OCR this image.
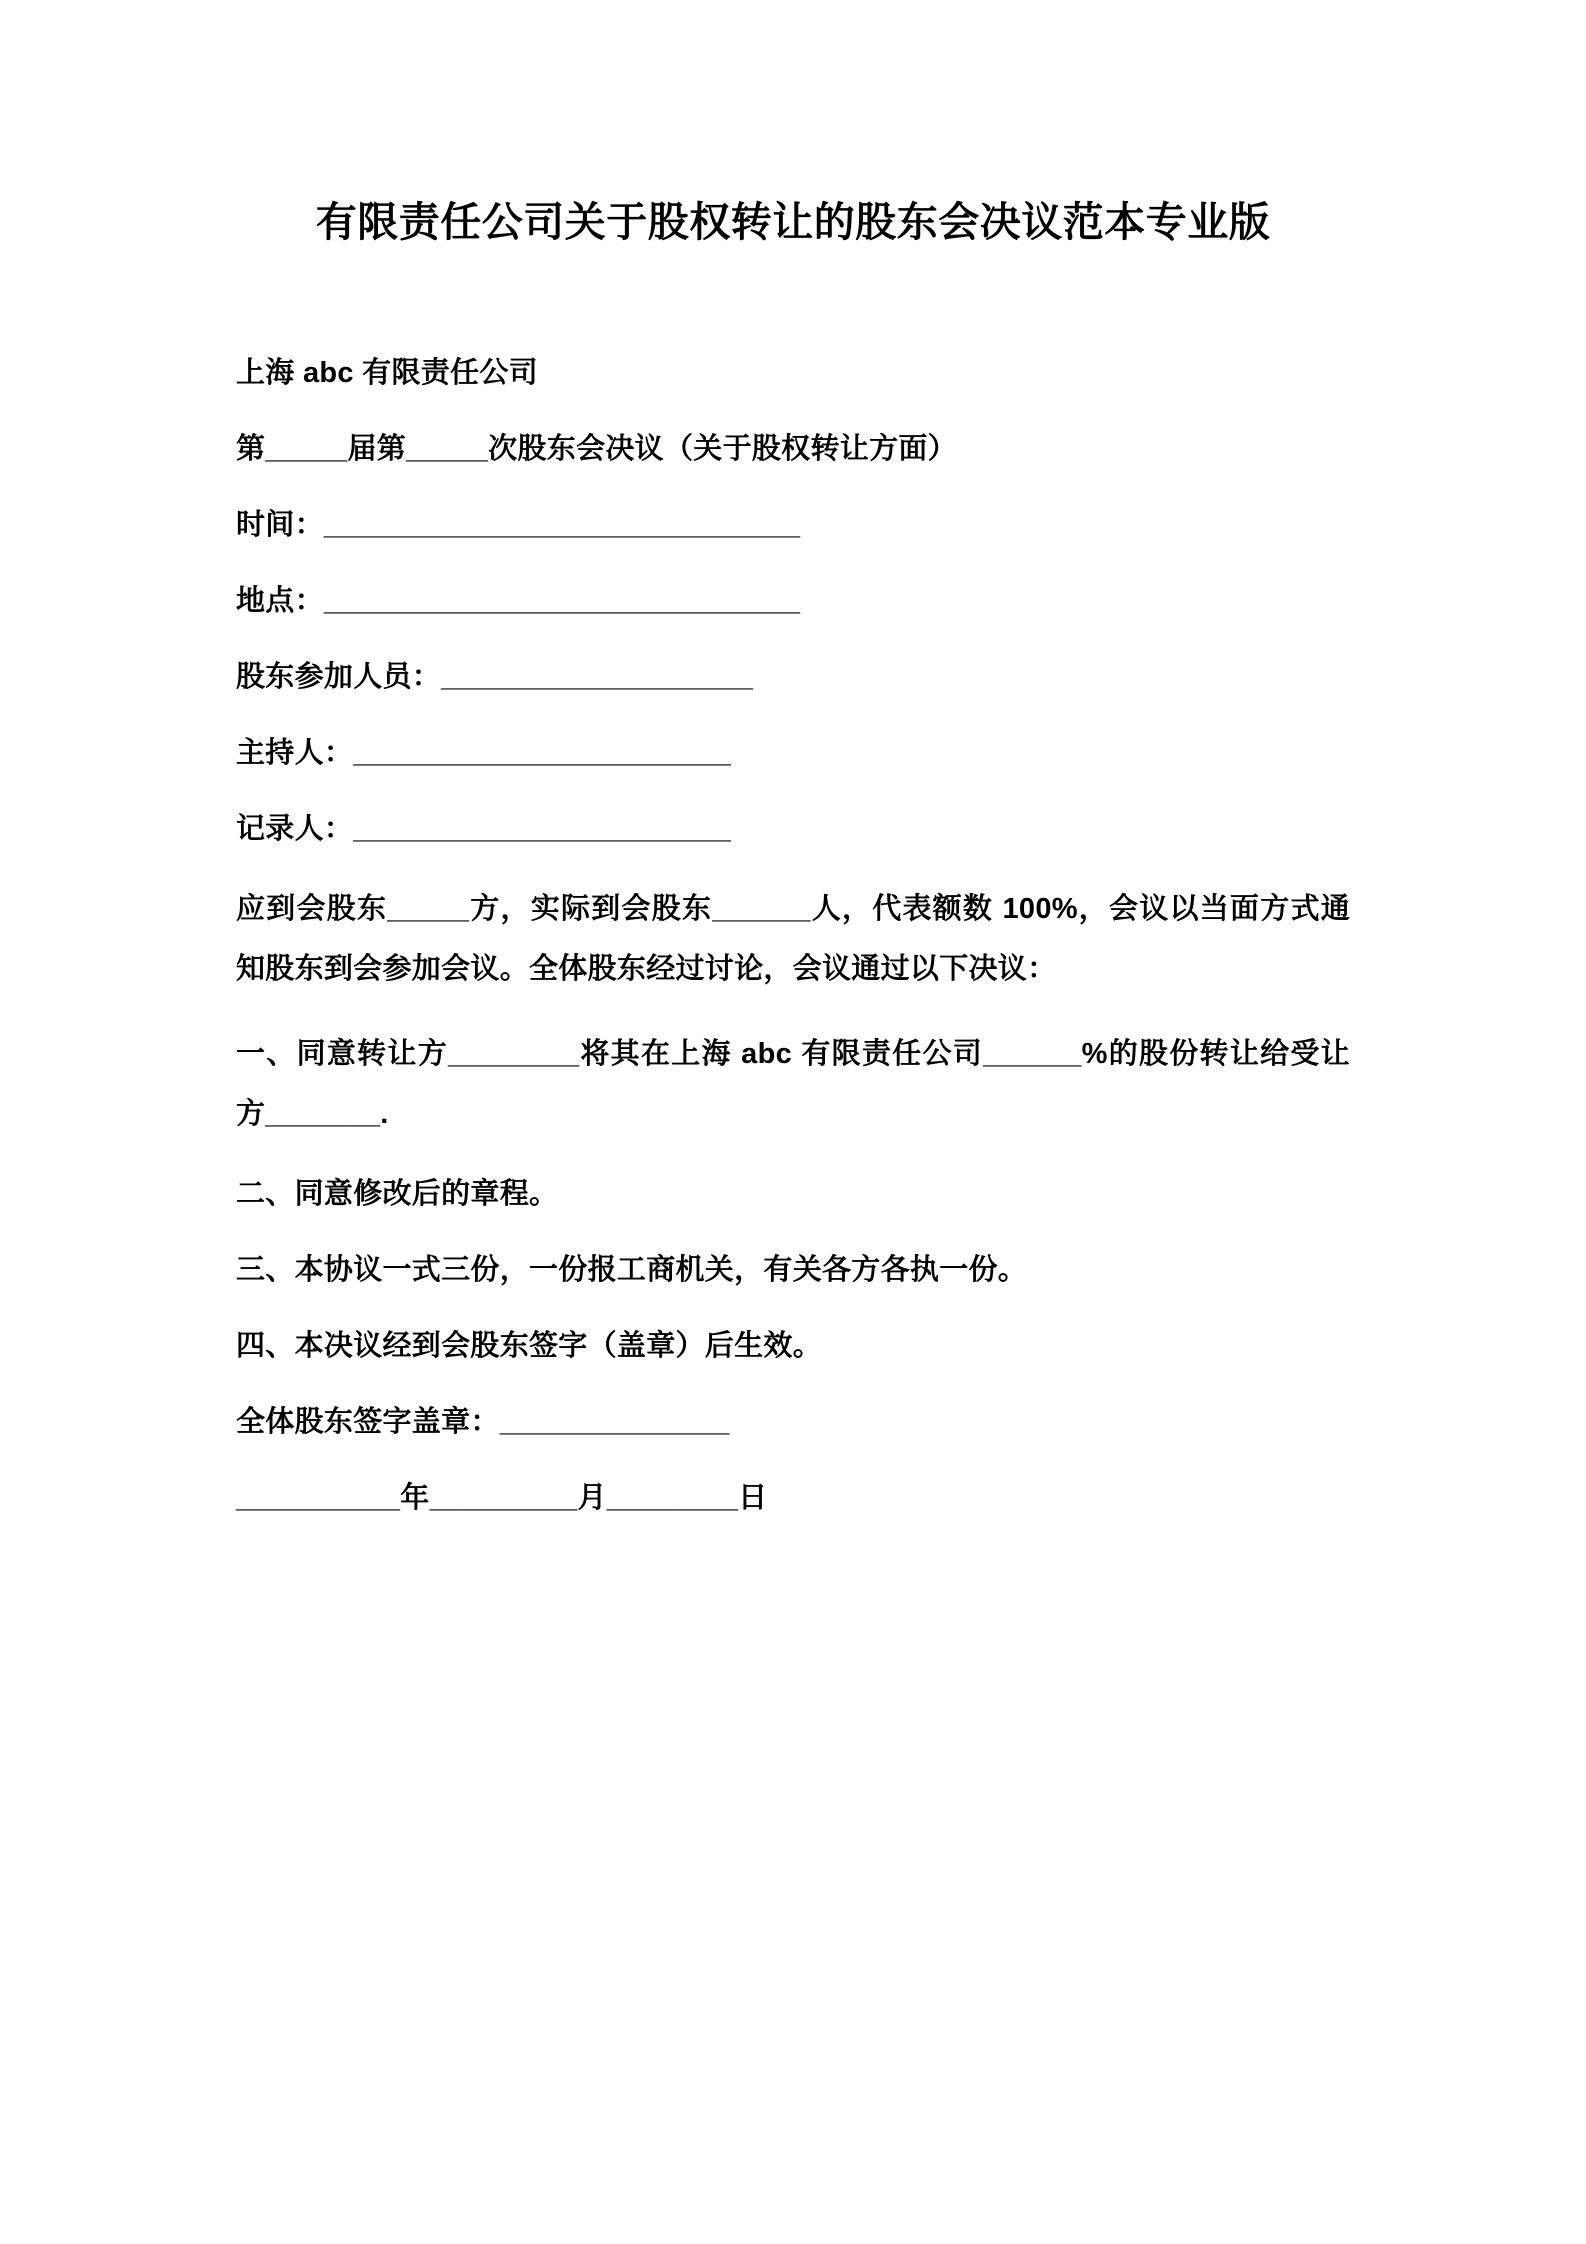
有限责任公司关于股权转让的股东会决议范本专业版

上海 abc 有限责任公司

第_____届第_____次股东会决议（关于股权转让方面）

时间：_____________________________

地点：_____________________________

股东参加人员：___________________

主持人：_______________________

记录人：_______________________

应到会股东_____方，实际到会股东______人，代表额数 100%，会议以当面方式通知股东到会参加会议。全体股东经过讨论，会议通过以下决议：

一、同意转让方________将其在上海 abc 有限责任公司______%的股份转让给受让方_______.

二、同意修改后的章程。

三、本协议一式三份，一份报工商机关，有关各方各执一份。

四、本决议经到会股东签字（盖章）后生效。

全体股东签字盖章：______________

__________年_________月________日
